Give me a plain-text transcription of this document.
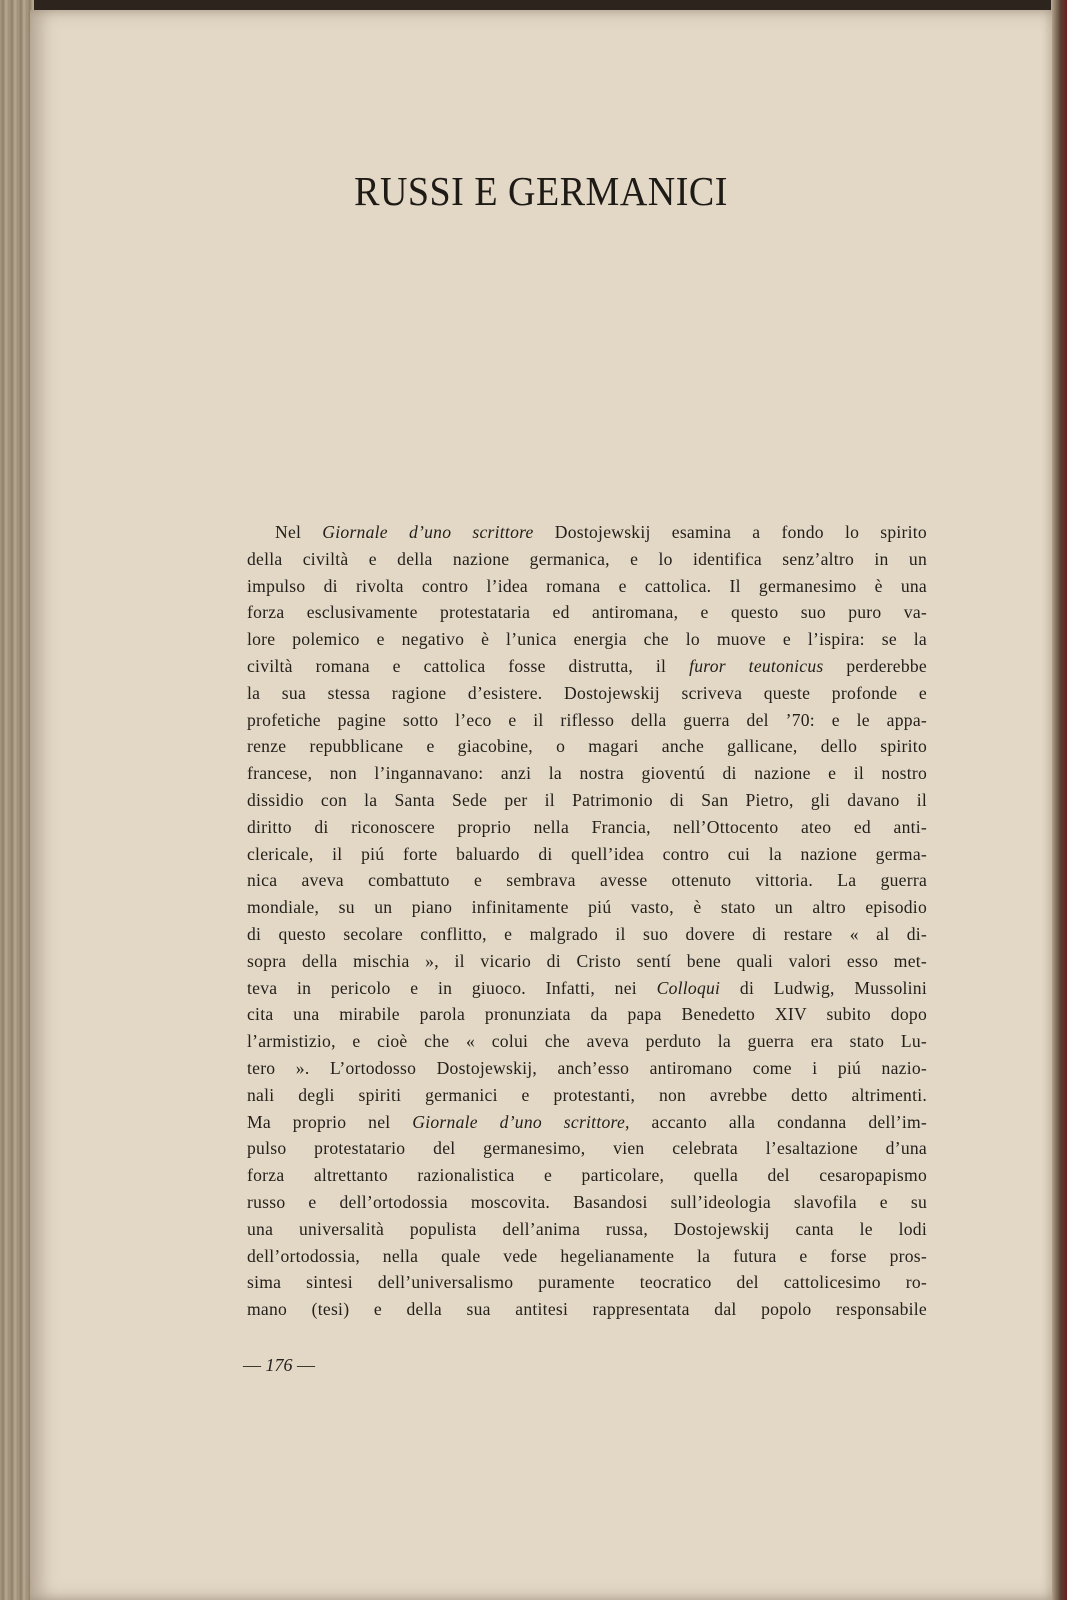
RUSSI E GERMANICI
Nel Giornale d’uno scrittore Dostojewskij esamina a fondo lo spirito
della civiltà e della nazione germanica, e lo identifica senz’altro in un
impulso di rivolta contro l’idea romana e cattolica. Il germanesimo è una
forza esclusivamente protestataria ed antiromana, e questo suo puro va-
lore polemico e negativo è l’unica energia che lo muove e l’ispira: se la
civiltà romana e cattolica fosse distrutta, il furor teutonicus perderebbe
la sua stessa ragione d’esistere. Dostojewskij scriveva queste profonde e
profetiche pagine sotto l’eco e il riflesso della guerra del ’70: e le appa-
renze repubblicane e giacobine, o magari anche gallicane, dello spirito
francese, non l’ingannavano: anzi la nostra gioventú di nazione e il nostro
dissidio con la Santa Sede per il Patrimonio di San Pietro, gli davano il
diritto di riconoscere proprio nella Francia, nell’Ottocento ateo ed anti-
clericale, il piú forte baluardo di quell’idea contro cui la nazione germa-
nica aveva combattuto e sembrava avesse ottenuto vittoria. La guerra
mondiale, su un piano infinitamente piú vasto, è stato un altro episodio
di questo secolare conflitto, e malgrado il suo dovere di restare « al di-
sopra della mischia », il vicario di Cristo sentí bene quali valori esso met-
teva in pericolo e in giuoco. Infatti, nei Colloqui di Ludwig, Mussolini
cita una mirabile parola pronunziata da papa Benedetto XIV subito dopo
l’armistizio, e cioè che « colui che aveva perduto la guerra era stato Lu-
tero ». L’ortodosso Dostojewskij, anch’esso antiromano come i piú nazio-
nali degli spiriti germanici e protestanti, non avrebbe detto altrimenti.
Ma proprio nel Giornale d’uno scrittore, accanto alla condanna dell’im-
pulso protestatario del germanesimo, vien celebrata l’esaltazione d’una
forza altrettanto razionalistica e particolare, quella del cesaropapismo
russo e dell’ortodossia moscovita. Basandosi sull’ideologia slavofila e su
una universalità populista dell’anima russa, Dostojewskij canta le lodi
dell’ortodossia, nella quale vede hegelianamente la futura e forse pros-
sima sintesi dell’universalismo puramente teocratico del cattolicesimo ro-
mano (tesi) e della sua antitesi rappresentata dal popolo responsabile
— 176 —
